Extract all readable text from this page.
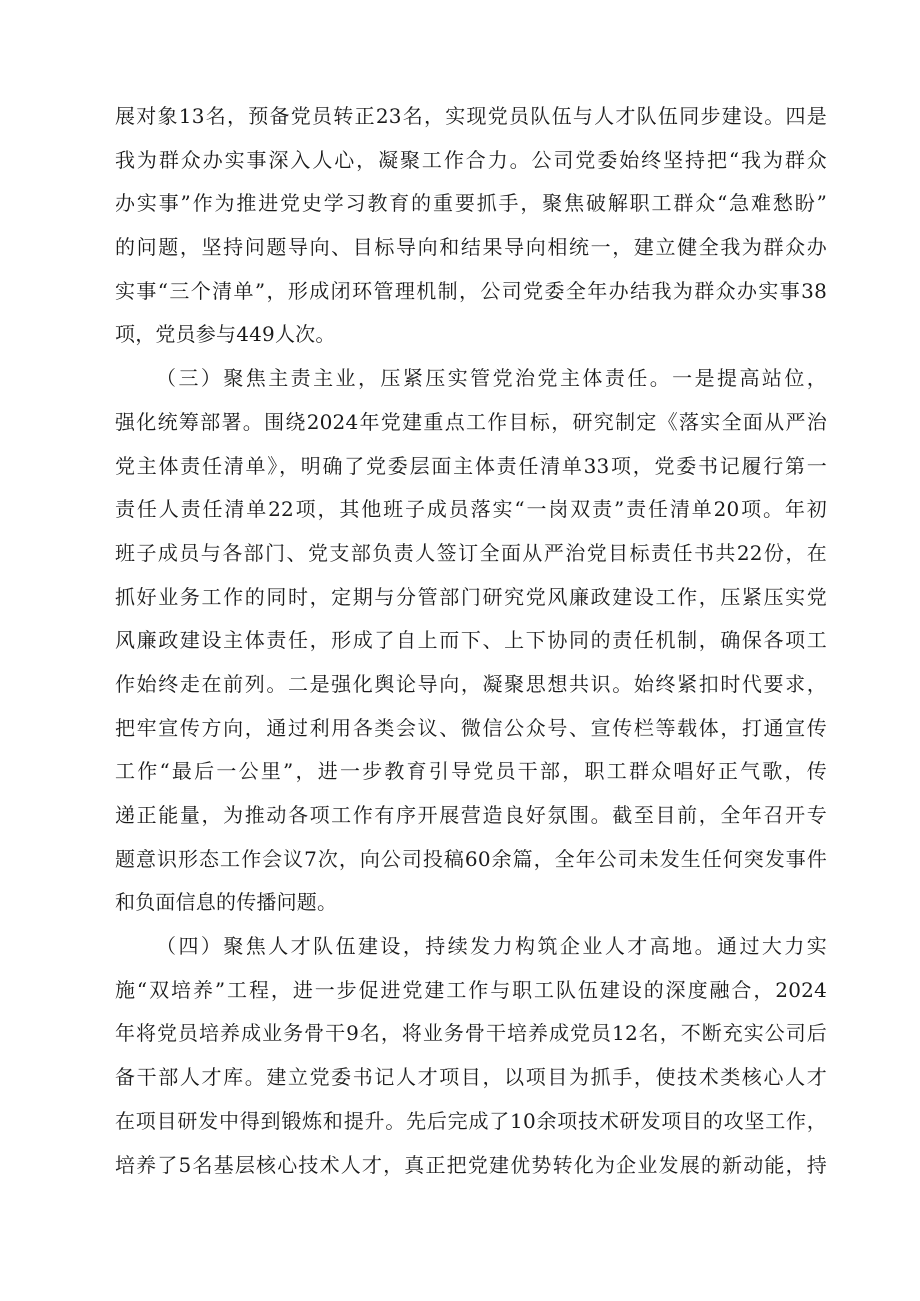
展对象13名，预备党员转正23名，实现党员队伍与人才队伍同步建设。四是
我为群众办实事深入人心，凝聚工作合力。公司党委始终坚持把“我为群众
办实事”作为推进党史学习教育的重要抓手，聚焦破解职工群众“急难愁盼”
的问题，坚持问题导向、目标导向和结果导向相统一，建立健全我为群众办
实事“三个清单”，形成闭环管理机制，公司党委全年办结我为群众办实事38
项，党员参与449人次。
（三）聚焦主责主业，压紧压实管党治党主体责任。一是提高站位，
强化统筹部署。围绕2024年党建重点工作目标，研究制定《落实全面从严治
党主体责任清单》，明确了党委层面主体责任清单33项，党委书记履行第一
责任人责任清单22项，其他班子成员落实“一岗双责”责任清单20项。年初
班子成员与各部门、党支部负责人签订全面从严治党目标责任书共22份，在
抓好业务工作的同时，定期与分管部门研究党风廉政建设工作，压紧压实党
风廉政建设主体责任，形成了自上而下、上下协同的责任机制，确保各项工
作始终走在前列。二是强化舆论导向，凝聚思想共识。始终紧扣时代要求，
把牢宣传方向，通过利用各类会议、微信公众号、宣传栏等载体，打通宣传
工作“最后一公里”，进一步教育引导党员干部，职工群众唱好正气歌，传
递正能量，为推动各项工作有序开展营造良好氛围。截至目前，全年召开专
题意识形态工作会议7次，向公司投稿60余篇，全年公司未发生任何突发事件
和负面信息的传播问题。
（四）聚焦人才队伍建设，持续发力构筑企业人才高地。通过大力实
施“双培养”工程，进一步促进党建工作与职工队伍建设的深度融合，2024
年将党员培养成业务骨干9名，将业务骨干培养成党员12名，不断充实公司后
备干部人才库。建立党委书记人才项目，以项目为抓手，使技术类核心人才
在项目研发中得到锻炼和提升。先后完成了10余项技术研发项目的攻坚工作，
培养了5名基层核心技术人才，真正把党建优势转化为企业发展的新动能，持
